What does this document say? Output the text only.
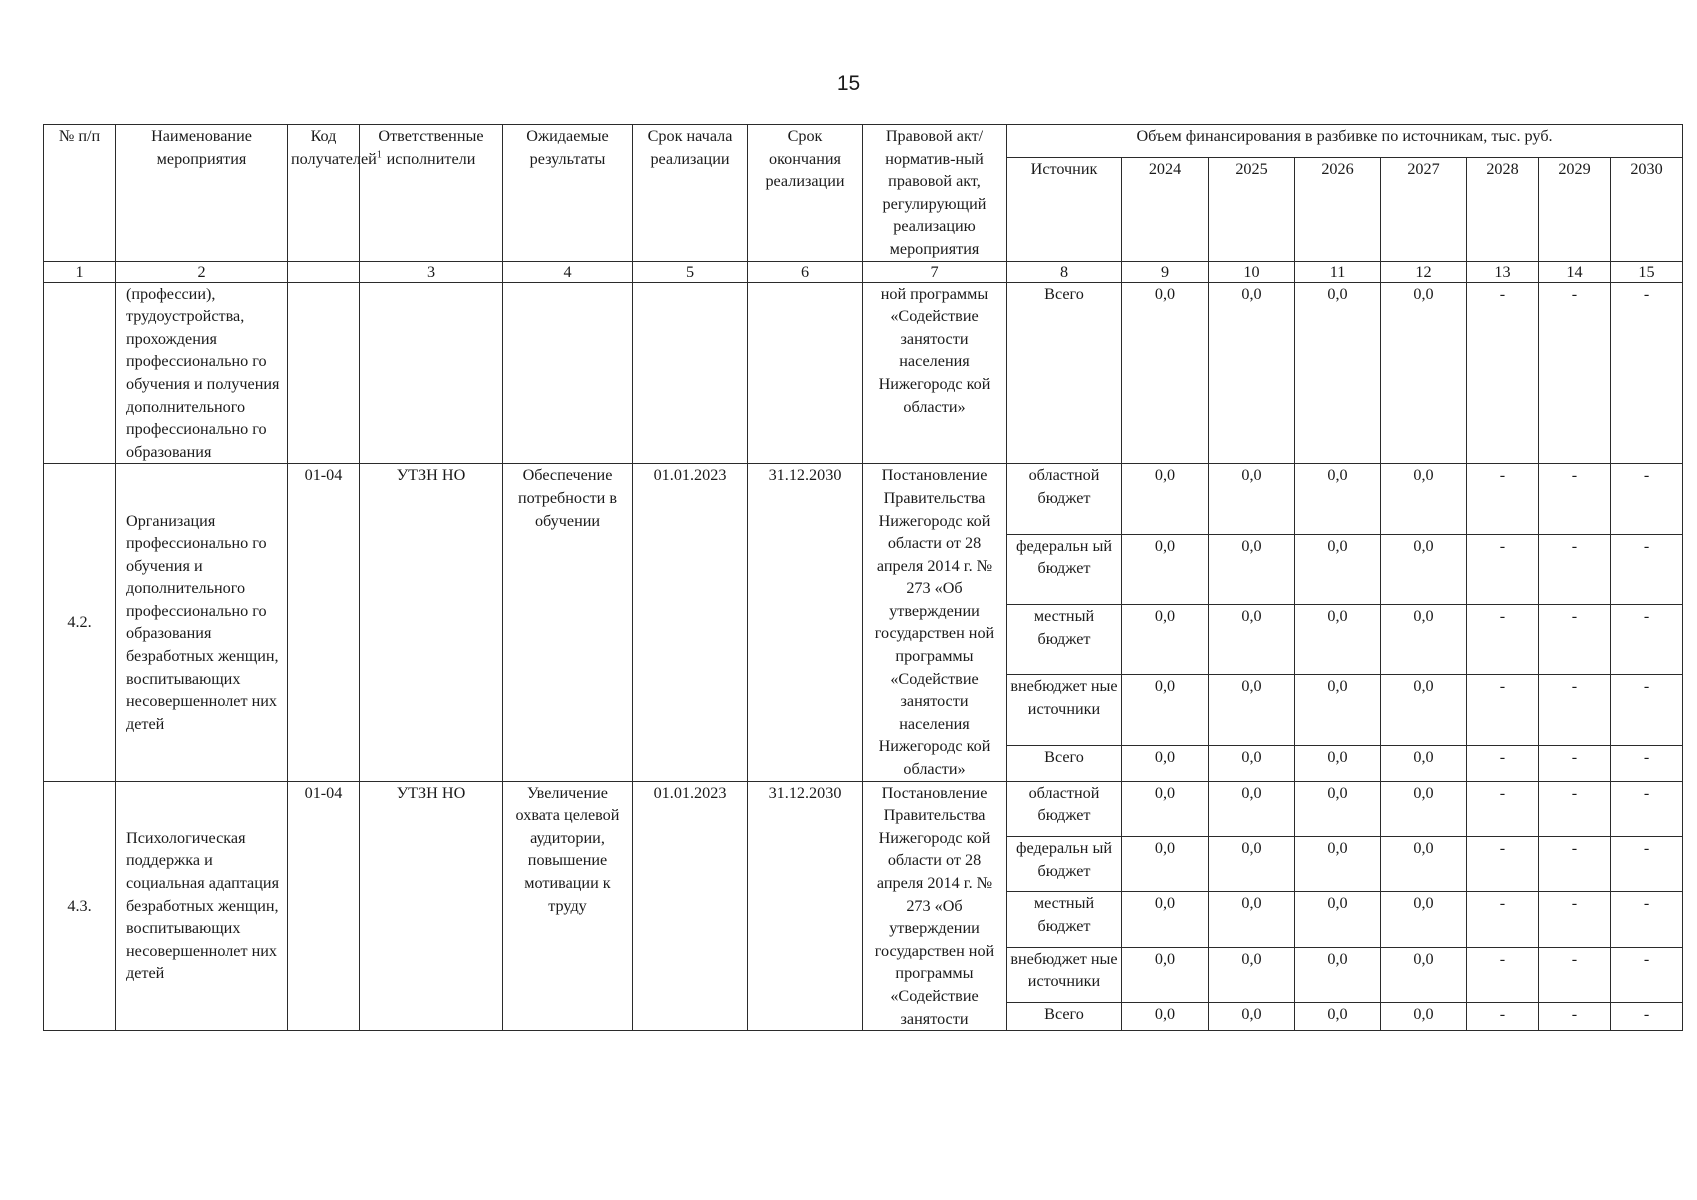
15
№ п/п	Наименование мероприятия	Код получателей$^1$	Ответственные исполнители	Ожидаемые результаты	Срок начала реализации	Срок окончания реализации	Правовой акт/норматив-ный правовой акт, регулирующий реализацию мероприятия	Объем финансирования в разбивке по источникам, тыс. руб.							
								Источник	2024	2025	2026	2027	2028	2029	2030
1	2		3	4	5	6	7	8	9	10	11	12	13	14	15
	(профессии), трудоустройства, прохождения профессионально го обучения и получения дополнительного профессионально го образования						ной программы «Содействие занятости населения Нижегородс кой области»	Всего	0,0	0,0	0,0	0,0	-	-	-
4.2.	Организация профессионально го обучения и дополнительного профессионально го образования безработных женщин, воспитывающих несовершеннолет них детей	01-04	УТЗН НО	Обеспечение потребности в обучении	01.01.2023	31.12.2030	Постановление Правительства Нижегородс кой области от 28 апреля 2014 г. № 273 «Об утверждении государствен ной программы «Содействие занятости населения Нижегородс кой области»	областной бюджет	0,0	0,0	0,0	0,0	-	-	-
								федеральн ый бюджет	0,0	0,0	0,0	0,0	-	-	-
								местный бюджет	0,0	0,0	0,0	0,0	-	-	-
								внебюджет ные источники	0,0	0,0	0,0	0,0	-	-	-
								Всего	0,0	0,0	0,0	0,0	-	-	-
4.3.	Психологическая поддержка и социальная адаптация безработных женщин, воспитывающих несовершеннолет них детей	01-04	УТЗН НО	Увеличение охвата целевой аудитории, повышение мотивации к труду	01.01.2023	31.12.2030	Постановление Правительства Нижегородс кой области от 28 апреля 2014 г. № 273 «Об утверждении государствен ной программы «Содействие занятости	областной бюджет	0,0	0,0	0,0	0,0	-	-	-
								федеральн ый бюджет	0,0	0,0	0,0	0,0	-	-	-
								местный бюджет	0,0	0,0	0,0	0,0	-	-	-
								внебюджет ные источники	0,0	0,0	0,0	0,0	-	-	-
								Всего	0,0	0,0	0,0	0,0	-	-	-
